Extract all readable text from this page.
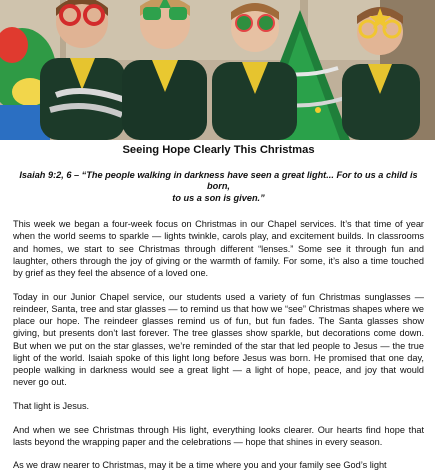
Seeing Hope Clearly This Christmas

Isaiah 9:2, 6 – “The people walking in darkness have seen a great light... For to us a child is born,
to us a son is given.”

This week we began a four-week focus on Christmas in our Chapel services. It’s that time of year when the world seems to sparkle — lights twinkle, carols play, and excitement builds. In classrooms and homes, we start to see Christmas through different “lenses.” Some see it through fun and laughter, others through the joy of giving or the warmth of family. For some, it’s also a time touched by grief as they feel the absence of a loved one.

Today in our Junior Chapel service, our students used a variety of fun Christmas sunglasses — reindeer, Santa, tree and star glasses — to remind us that how we “see” Christmas shapes where we place our hope. The reindeer glasses remind us of fun, but fun fades. The Santa glasses show giving, but presents don’t last forever. The tree glasses show sparkle, but decorations come down. But when we put on the star glasses, we’re reminded of the star that led people to Jesus — the true light of the world. Isaiah spoke of this light long before Jesus was born. He promised that one day, people walking in darkness would see a great light — a light of hope, peace, and joy that would never go out.

That light is Jesus.

And when we see Christmas through His light, everything looks clearer. Our hearts find hope that lasts beyond the wrapping paper and the celebrations — hope that shines in every season.

As we draw nearer to Christmas, may it be a time where you and your family see God’s light
